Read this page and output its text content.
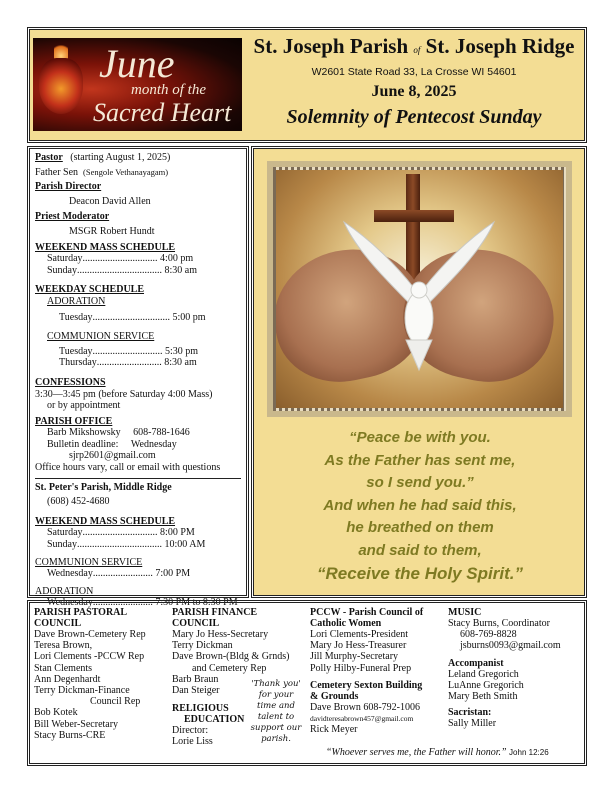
June
month of the
Sacred Heart
St. Joseph Parish of St. Joseph Ridge
W2601 State Road 33, La Crosse WI 54601
June 8, 2025
Solemnity of Pentecost Sunday
Pastor (starting August 1, 2025)
Father Sen (Sengole Vethanayagam)
Parish Director
Deacon David Allen
Priest Moderator
MSGR Robert Hundt
WEEKEND MASS SCHEDULE
Saturday ..............................
4:00 pm
Sunday ..................................
8:30 am
WEEKDAY SCHEDULE
ADORATION
Tuesday ...............................
5:00 pm
COMMUNION SERVICE
Tuesday ............................
5:30 pm
Thursday ..........................
8:30 am
CONFESSIONS
3:30—3:45 pm (before Saturday 4:00 Mass)
or by appointment
PARISH OFFICE
Barb Mikshowsky 608-788-1646
Bulletin deadline: Wednesday
sjrp2601@gmail.com
Office hours vary, call or email with questions
St. Peter's Parish, Middle Ridge
(608) 452-4680
WEEKEND MASS SCHEDULE
Saturday ..............................
8:00 PM
Sunday ..................................
10:00 AM
COMMUNION SERVICE
Wednesday ........................
7:00 PM
ADORATION
Wednesday ........................
7:30 PM to 8:30 PM
“Peace be with you.
As the Father has sent me,
so I send you.”
And when he had said this,
he breathed on them
and said to them,
“Receive the Holy Spirit.”
PARISH PASTORAL
COUNCIL
Dave Brown-Cemetery Rep
Teresa Brown,
Lori Clements -PCCW Rep
Stan Clements
Ann Degenhardt
Terry Dickman-Finance
Council Rep
Bob Kotek
Bill Weber-Secretary
Stacy Burns-CRE
PARISH FINANCE
COUNCIL
Mary Jo Hess-Secretary
Terry Dickman
Dave Brown-(Bldg & Grnds)
and Cemetery Rep
Barb Braun
Dan Steiger
RELIGIOUS
EDUCATION
Director:
Lorie Liss
'Thank you'
for your
time and
talent to
support our
parish.
PCCW - Parish Council of
Catholic Women
Lori Clements-President
Mary Jo Hess-Treasurer
Jill Murphy-Secretary
Polly Hilby-Funeral Prep
Cemetery Sexton Building
& Grounds
Dave Brown 608-792-1006
davidteresabrown457@gmail.com
Rick Meyer
MUSIC
Stacy Burns, Coordinator
608-769-8828
jsburns0093@gmail.com
Accompanist
Leland Gregorich
LuAnne Gregorich
Mary Beth Smith
Sacristan:
Sally Miller
“Whoever serves me, the Father will honor.” John 12:26
